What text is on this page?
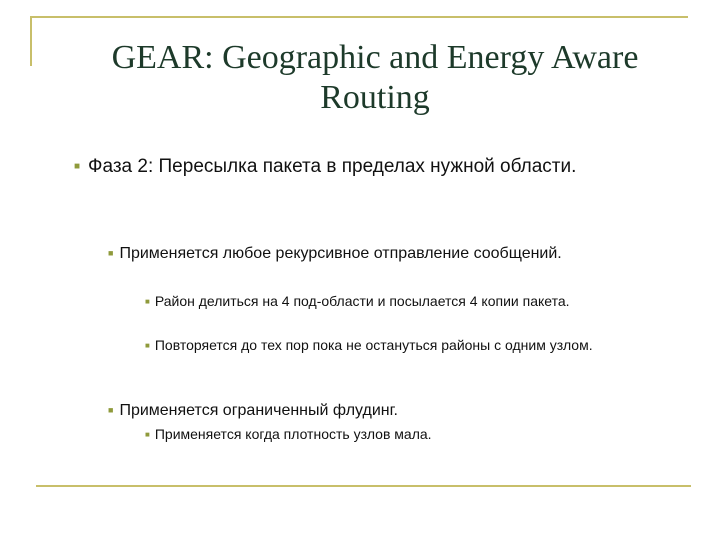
GEAR: Geographic and Energy Aware
Routing
■ Фаза 2: Пересылка пакета в пределах нужной области.
■ Применяется любое рекурсивное отправление сообщений.
■ Район делиться на 4 под-области и посылается 4 копии пакета.
■ Повторяется до тех пор пока не остануться районы с одним узлом.
■ Применяется ограниченный флудинг.
■ Применяется когда плотность узлов мала.
